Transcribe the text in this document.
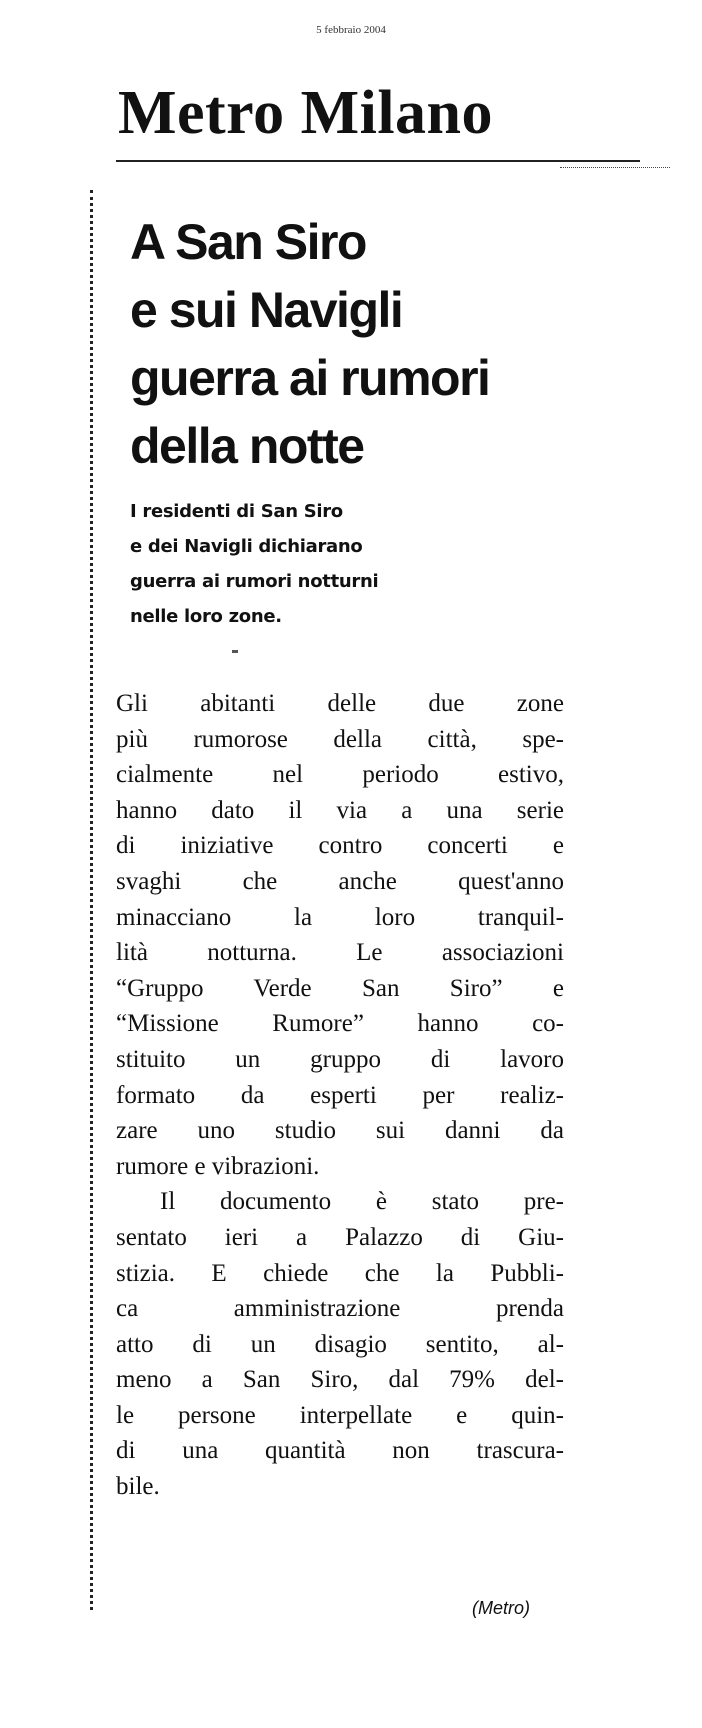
5 febbraio 2004
Metro Milano
A San Siro
e sui Navigli
guerra ai rumori
della notte
I residenti di San Siro
e dei Navigli dichiarano
guerra ai rumori notturni
nelle loro zone.
Gli abitanti delle due zone
più rumorose della città, spe-
cialmente nel periodo estivo,
hanno dato il via a una serie
di iniziative contro concerti e
svaghi che anche quest'anno
minacciano la loro tranquil-
lità notturna. Le associazioni
“Gruppo Verde San Siro” e
“Missione Rumore” hanno co-
stituito un gruppo di lavoro
formato da esperti per realiz-
zare uno studio sui danni da
rumore e vibrazioni.
Il documento è stato pre-
sentato ieri a Palazzo di Giu-
stizia. E chiede che la Pubbli-
ca amministrazione prenda
atto di un disagio sentito, al-
meno a San Siro, dal 79% del-
le persone interpellate e quin-
di una quantità non trascura-
bile.
(Metro)
